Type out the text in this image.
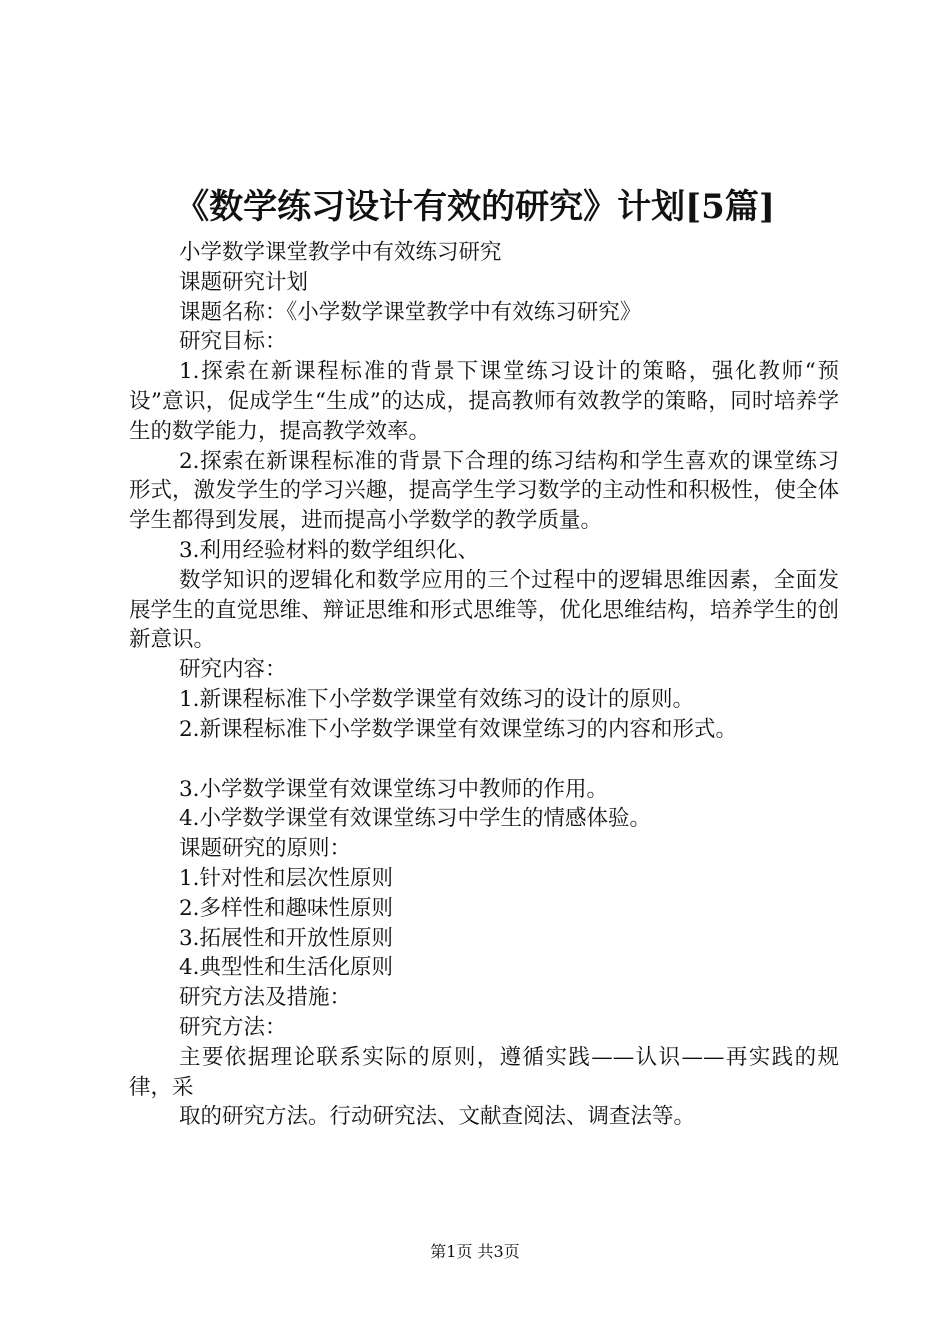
《数学练习设计有效的研究》计划[5篇]

小学数学课堂教学中有效练习研究

课题研究计划

课题名称：《小学数学课堂教学中有效练习研究》

研究目标：

1.探索在新课程标准的背景下课堂练习设计的策略，强化教师“预设”意识，促成学生“生成”的达成，提高教师有效教学的策略，同时培养学生的数学能力，提高教学效率。

2.探索在新课程标准的背景下合理的练习结构和学生喜欢的课堂练习形式，激发学生的学习兴趣，提高学生学习数学的主动性和积极性，使全体学生都得到发展，进而提高小学数学的教学质量。

3.利用经验材料的数学组织化、

数学知识的逻辑化和数学应用的三个过程中的逻辑思维因素，全面发展学生的直觉思维、辩证思维和形式思维等，优化思维结构，培养学生的创新意识。

研究内容：

1.新课程标准下小学数学课堂有效练习的设计的原则。

2.新课程标准下小学数学课堂有效课堂练习的内容和形式。

3.小学数学课堂有效课堂练习中教师的作用。

4.小学数学课堂有效课堂练习中学生的情感体验。

课题研究的原则：

1.针对性和层次性原则

2.多样性和趣味性原则

3.拓展性和开放性原则

4.典型性和生活化原则

研究方法及措施：

研究方法：

主要依据理论联系实际的原则，遵循实践——认识——再实践的规律，采

取的研究方法。行动研究法、文献查阅法、调查法等。

第1页 共3页
